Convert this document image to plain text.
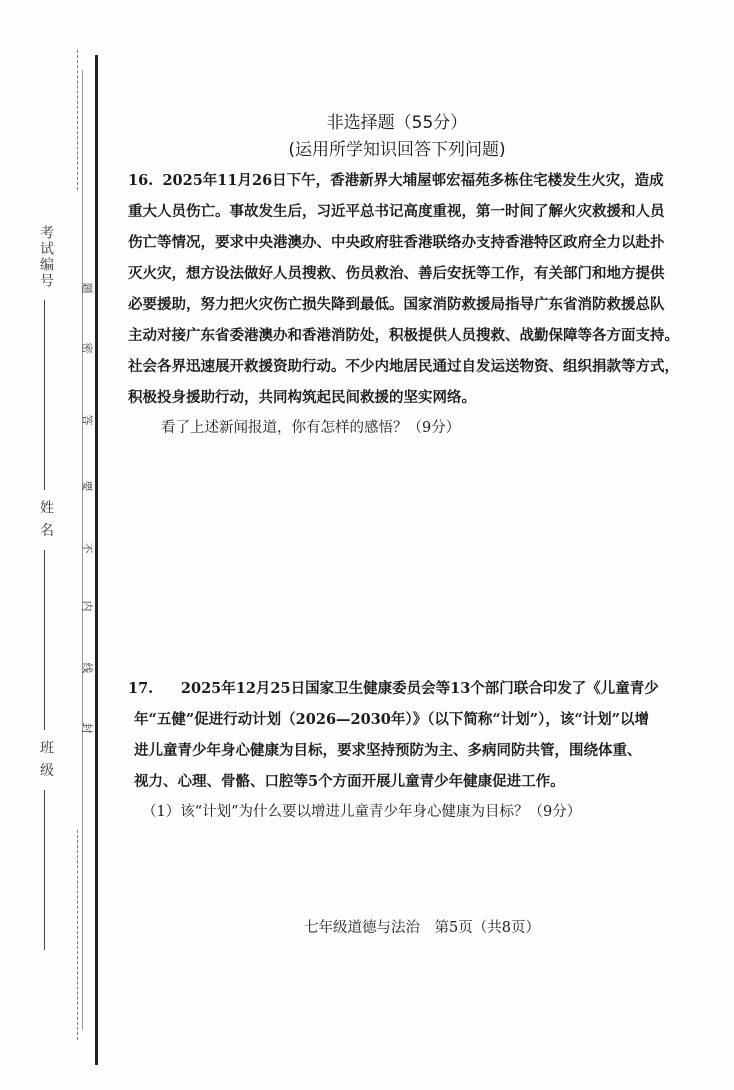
考试编号
姓 名
班 级
密
封
线
内
不
要
答
题
非选择题（55分）
(运用所学知识回答下列问题)
16. 2025年11月26日下午，香港新界大埔屋邨宏福苑多栋住宅楼发生火灾，造成
重大人员伤亡。事故发生后，习近平总书记高度重视，第一时间了解火灾救援和人员
伤亡等情况，要求中央港澳办、中央政府驻香港联络办支持香港特区政府全力以赴扑
灭火灾，想方设法做好人员搜救、伤员救治、善后安抚等工作，有关部门和地方提供
必要援助，努力把火灾伤亡损失降到最低。国家消防救援局指导广东省消防救援总队
主动对接广东省委港澳办和香港消防处，积极提供人员搜救、战勤保障等各方面支持。
社会各界迅速展开救援资助行动。不少内地居民通过自发运送物资、组织捐款等方式，
积极投身援助行动，共同构筑起民间救援的坚实网络。
看了上述新闻报道，你有怎样的感悟？（9分）
17. 2025年12月25日国家卫生健康委员会等13个部门联合印发了《儿童青少
年“五健”促进行动计划（2026—2030年）》（以下简称“计划”），该“计划”以增
进儿童青少年身心健康为目标，要求坚持预防为主、多病同防共管，围绕体重、
视力、心理、骨骼、口腔等5个方面开展儿童青少年健康促进工作。
（1）该“计划”为什么要以增进儿童青少年身心健康为目标？（9分）
七年级道德与法治　第5页（共8页）
